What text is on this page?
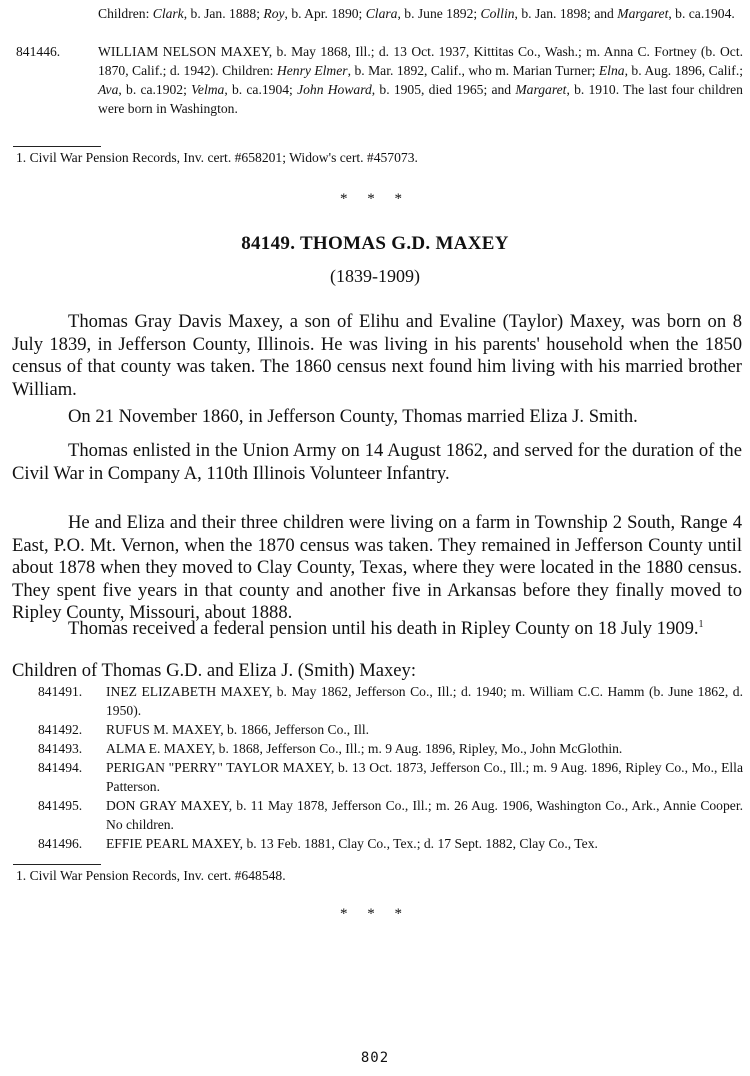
Children: Clark, b. Jan. 1888; Roy, b. Apr. 1890; Clara, b. June 1892; Collin, b. Jan. 1898; and Margaret, b. ca.1904.
841446.	WILLIAM NELSON MAXEY, b. May 1868, Ill.; d. 13 Oct. 1937, Kittitas Co., Wash.; m. Anna C. Fortney (b. Oct. 1870, Calif.; d. 1942). Children: Henry Elmer, b. Mar. 1892, Calif., who m. Marian Turner; Elna, b. Aug. 1896, Calif.; Ava, b. ca.1902; Velma, b. ca.1904; John Howard, b. 1905, died 1965; and Margaret, b. 1910. The last four children were born in Washington.
1. Civil War Pension Records, Inv. cert. #658201; Widow's cert. #457073.
* * *
84149. THOMAS G.D. MAXEY
(1839-1909)

Thomas Gray Davis Maxey, a son of Elihu and Evaline (Taylor) Maxey, was born on 8 July 1839, in Jefferson County, Illinois. He was living in his parents' household when the 1850 census of that county was taken. The 1860 census next found him living with his married brother William.

On 21 November 1860, in Jefferson County, Thomas married Eliza J. Smith.

Thomas enlisted in the Union Army on 14 August 1862, and served for the duration of the Civil War in Company A, 110th Illinois Volunteer Infantry.

He and Eliza and their three children were living on a farm in Township 2 South, Range 4 East, P.O. Mt. Vernon, when the 1870 census was taken. They remained in Jefferson County until about 1878 when they moved to Clay County, Texas, where they were located in the 1880 census. They spent five years in that county and another five in Arkansas before they finally moved to Ripley County, Missouri, about 1888.

Thomas received a federal pension until his death in Ripley County on 18 July 1909.$^1$

Children of Thomas G.D. and Eliza J. (Smith) Maxey:
841491.	INEZ ELIZABETH MAXEY, b. May 1862, Jefferson Co., Ill.; d. 1940; m. William C.C. Hamm (b. June 1862, d. 1950).
841492.	RUFUS M. MAXEY, b. 1866, Jefferson Co., Ill.
841493.	ALMA E. MAXEY, b. 1868, Jefferson Co., Ill.; m. 9 Aug. 1896, Ripley, Mo., John McGlothin.
841494.	PERIGAN "PERRY" TAYLOR MAXEY, b. 13 Oct. 1873, Jefferson Co., Ill.; m. 9 Aug. 1896, Ripley Co., Mo., Ella Patterson.
841495.	DON GRAY MAXEY, b. 11 May 1878, Jefferson Co., Ill.; m. 26 Aug. 1906, Washington Co., Ark., Annie Cooper. No children.
841496.	EFFIE PEARL MAXEY, b. 13 Feb. 1881, Clay Co., Tex.; d. 17 Sept. 1882, Clay Co., Tex.
1. Civil War Pension Records, Inv. cert. #648548.
* * *
802
